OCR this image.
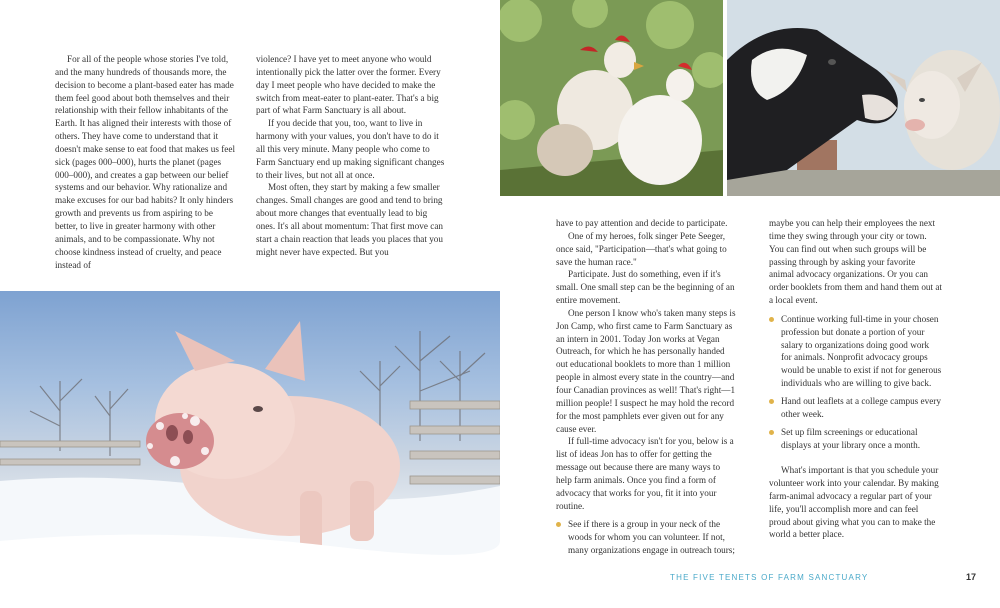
For all of the people whose stories I've told, and the many hundreds of thousands more, the decision to become a plant-based eater has made them feel good about both themselves and their relationship with their fellow inhabitants of the Earth. It has aligned their interests with those of others. They have come to understand that it doesn't make sense to eat food that makes us feel sick (pages 000–000), hurts the planet (pages 000–000), and creates a gap between our belief systems and our behavior. Why rationalize and make excuses for our bad habits? It only hinders growth and prevents us from aspiring to be better, to live in greater harmony with other animals, and to be compassionate. Why not choose kindness instead of cruelty, and peace instead of

violence? I have yet to meet anyone who would intentionally pick the latter over the former. Every day I meet people who have decided to make the switch from meat-eater to plant-eater. That's a big part of what Farm Sanctuary is all about.

If you decide that you, too, want to live in harmony with your values, you don't have to do it all this very minute. Many people who come to Farm Sanctuary end up making significant changes to their lives, but not all at once.

Most often, they start by making a few smaller changes. Small changes are good and tend to bring about more changes that eventually lead to big ones. It's all about momentum: That first move can start a chain reaction that leads you places that you might never have expected. But you

have to pay attention and decide to participate.

One of my heroes, folk singer Pete Seeger, once said, "Participation—that's what going to save the human race."

Participate. Just do something, even if it's small. One small step can be the beginning of an entire movement.

One person I know who's taken many steps is Jon Camp, who first came to Farm Sanctuary as an intern in 2001. Today Jon works at Vegan Outreach, for which he has personally handed out educational booklets to more than 1 million people in almost every state in the country—and four Canadian provinces as well! That's right—1 million people! I suspect he may hold the record for the most pamphlets ever given out for any cause ever.

If full-time advocacy isn't for you, below is a list of ideas Jon has to offer for getting the message out because there are many ways to help farm animals. Once you find a form of advocacy that works for you, fit it into your routine.

See if there is a group in your neck of the woods for whom you can volunteer. If not, many organizations engage in outreach tours;

maybe you can help their employees the next time they swing through your city or town. You can find out when such groups will be passing through by asking your favorite animal advocacy organizations. Or you can order booklets from them and hand them out at a local event.

Continue working full-time in your chosen profession but donate a portion of your salary to organizations doing good work for animals. Nonprofit advocacy groups would be unable to exist if not for generous individuals who are willing to give back.
Hand out leaflets at a college campus every other week.
Set up film screenings or educational displays at your library once a month.

What's important is that you schedule your volunteer work into your calendar. By making farm-animal advocacy a regular part of your life, you'll accomplish more and can feel proud about giving what you can to make the world a better place.

THE FIVE TENETS OF FARM SANCTUARY	17
